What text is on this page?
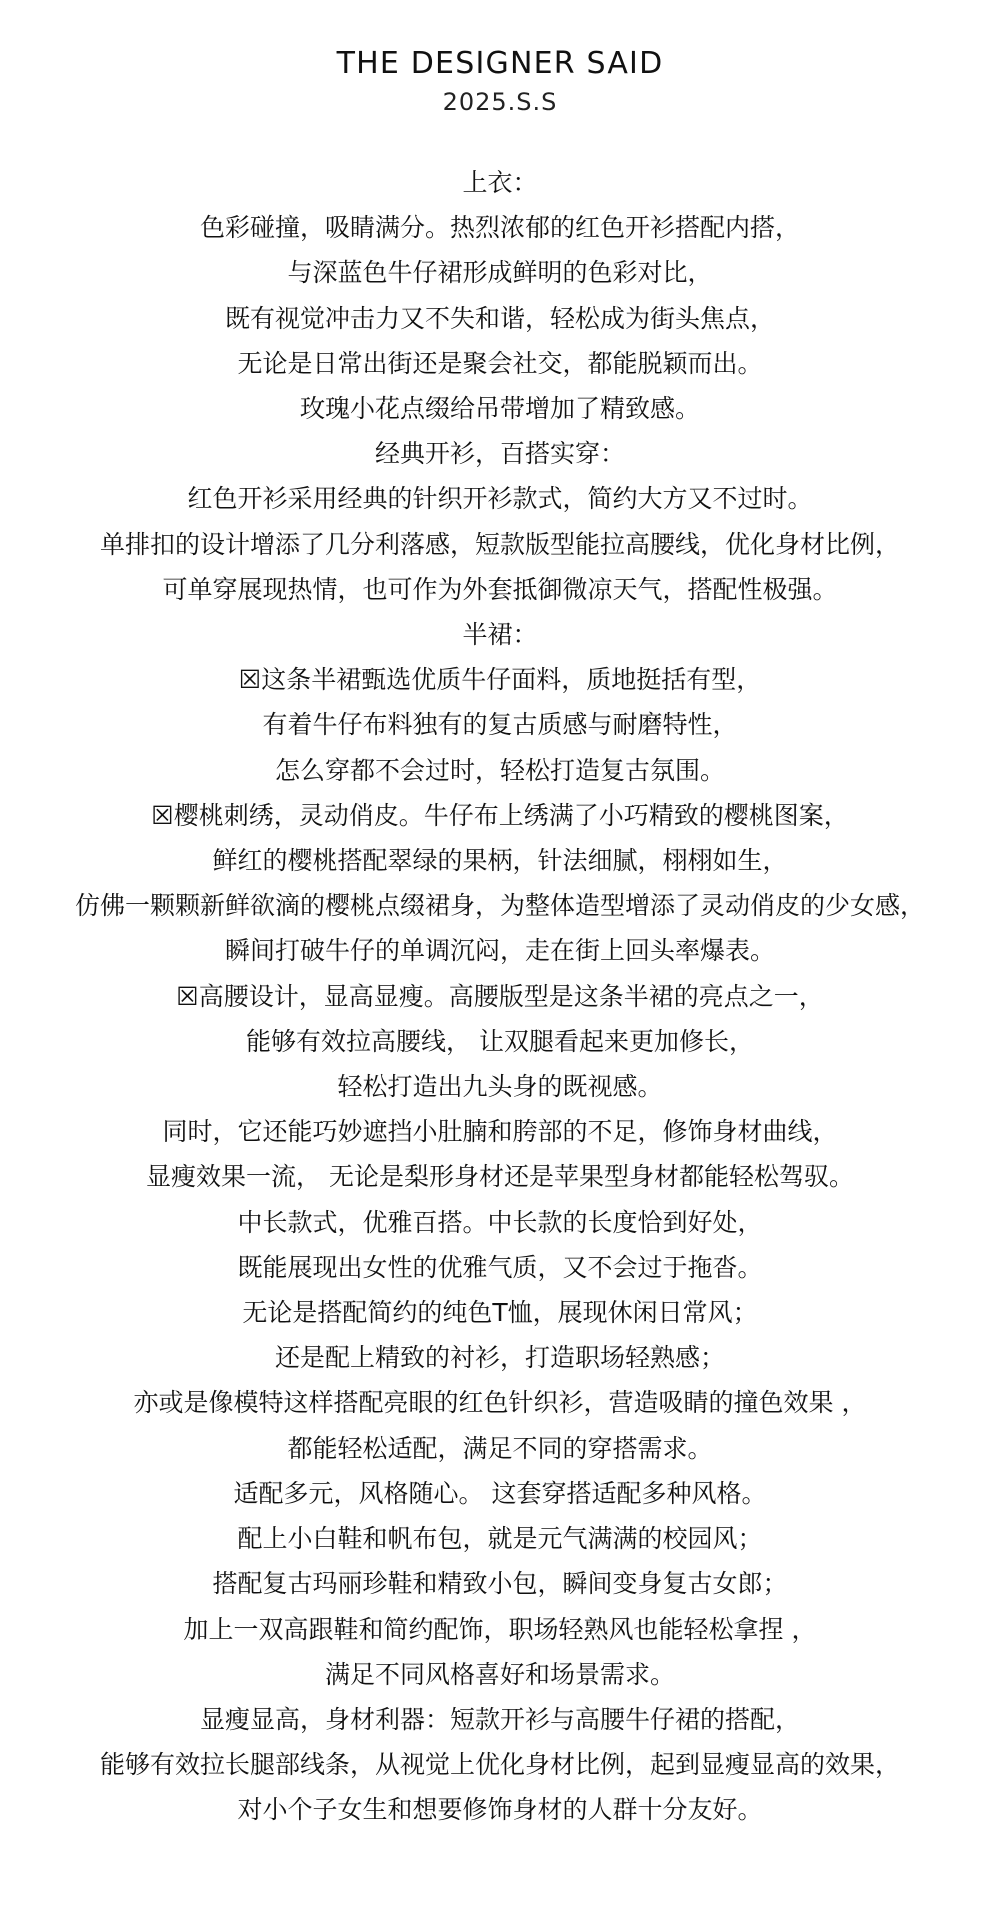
THE DESIGNER SAID
2025.S.S

上衣：

色彩碰撞，吸睛满分。热烈浓郁的红色开衫搭配内搭，

与深蓝色牛仔裙形成鲜明的色彩对比，

既有视觉冲击力又不失和谐，轻松成为街头焦点，

无论是日常出街还是聚会社交，都能脱颖而出。

玫瑰小花点缀给吊带增加了精致感。

经典开衫，百搭实穿：

红色开衫采用经典的针织开衫款式，简约大方又不过时。

单排扣的设计增添了几分利落感，短款版型能拉高腰线，优化身材比例，

可单穿展现热情，也可作为外套抵御微凉天气，搭配性极强。

半裙：

☒这条半裙甄选优质牛仔面料，质地挺括有型，

有着牛仔布料独有的复古质感与耐磨特性，

怎么穿都不会过时，轻松打造复古氛围。

☒樱桃刺绣，灵动俏皮。牛仔布上绣满了小巧精致的樱桃图案，

鲜红的樱桃搭配翠绿的果柄，针法细腻，栩栩如生，

仿佛一颗颗新鲜欲滴的樱桃点缀裙身，为整体造型增添了灵动俏皮的少女感，

瞬间打破牛仔的单调沉闷，走在街上回头率爆表。

☒高腰设计，显高显瘦。高腰版型是这条半裙的亮点之一，

能够有效拉高腰线， 让双腿看起来更加修长，

轻松打造出九头身的既视感。

同时，它还能巧妙遮挡小肚腩和胯部的不足，修饰身材曲线，

显瘦效果一流， 无论是梨形身材还是苹果型身材都能轻松驾驭。

中长款式，优雅百搭。中长款的长度恰到好处，

既能展现出女性的优雅气质，又不会过于拖沓。

无论是搭配简约的纯色T恤，展现休闲日常风；

还是配上精致的衬衫，打造职场轻熟感；

亦或是像模特这样搭配亮眼的红色针织衫，营造吸睛的撞色效果 ，

都能轻松适配，满足不同的穿搭需求。

适配多元，风格随心。 这套穿搭适配多种风格。

配上小白鞋和帆布包，就是元气满满的校园风；

搭配复古玛丽珍鞋和精致小包，瞬间变身复古女郎；

加上一双高跟鞋和简约配饰，职场轻熟风也能轻松拿捏 ，

满足不同风格喜好和场景需求。

显瘦显高，身材利器：短款开衫与高腰牛仔裙的搭配，

能够有效拉长腿部线条，从视觉上优化身材比例，起到显瘦显高的效果，

对小个子女生和想要修饰身材的人群十分友好。
